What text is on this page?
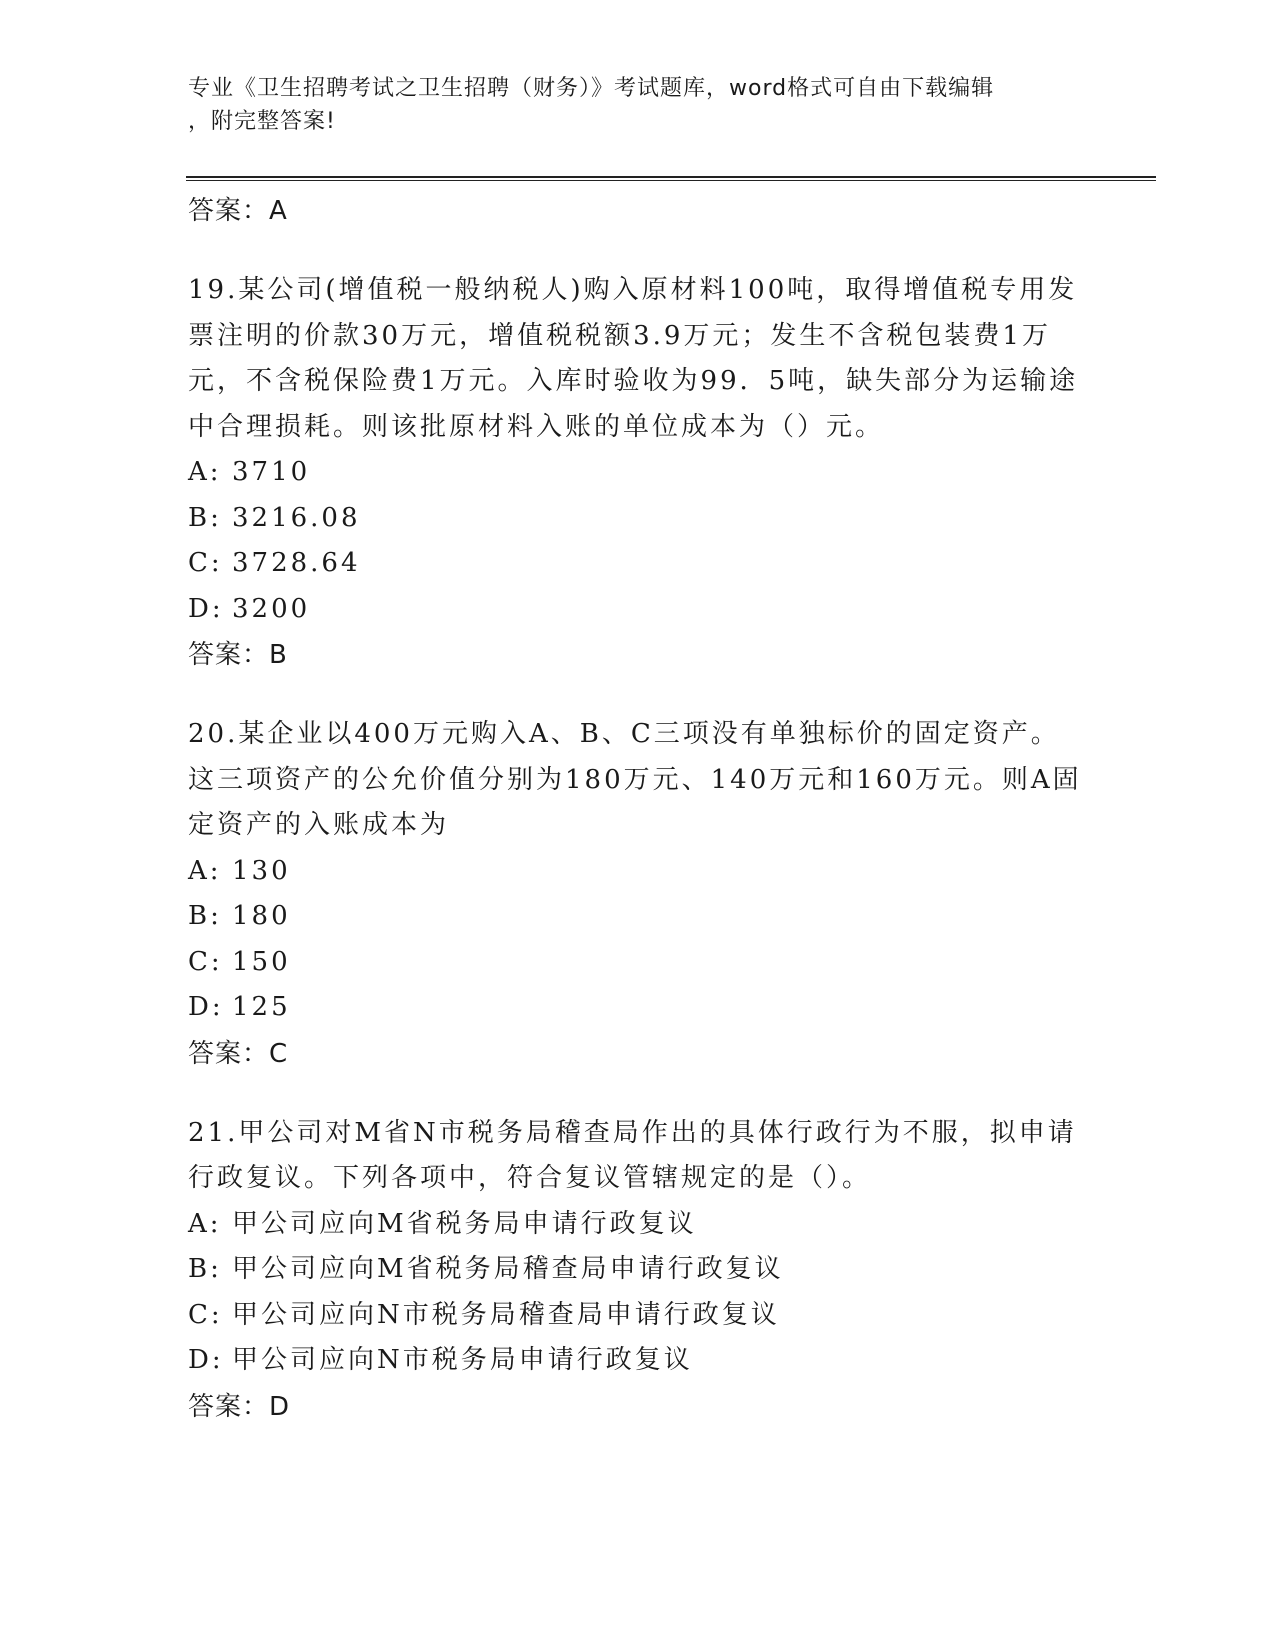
专业《卫生招聘考试之卫生招聘（财务）》考试题库，word格式可自由下载编辑
，附完整答案!
答案：A

19.某公司(增值税一般纳税人)购入原材料100吨，取得增值税专用发票注明的价款30万元，增值税税额3.9万元；发生不含税包装费1万元，不含税保险费1万元。入库时验收为99．5吨，缺失部分为运输途中合理损耗。则该批原材料入账的单位成本为（）元。

A: 3710
B: 3216.08
C: 3728.64
D: 3200
答案：B

20.某企业以400万元购入A、B、C三项没有单独标价的固定资产。这三项资产的公允价值分别为180万元、140万元和160万元。则A固定资产的入账成本为

A: 130
B: 180
C: 150
D: 125
答案：C

21.甲公司对M省N市税务局稽查局作出的具体行政行为不服，拟申请行政复议。下列各项中，符合复议管辖规定的是（）。

A: 甲公司应向M省税务局申请行政复议
B: 甲公司应向M省税务局稽查局申请行政复议
C: 甲公司应向N市税务局稽查局申请行政复议
D: 甲公司应向N市税务局申请行政复议
答案：D
